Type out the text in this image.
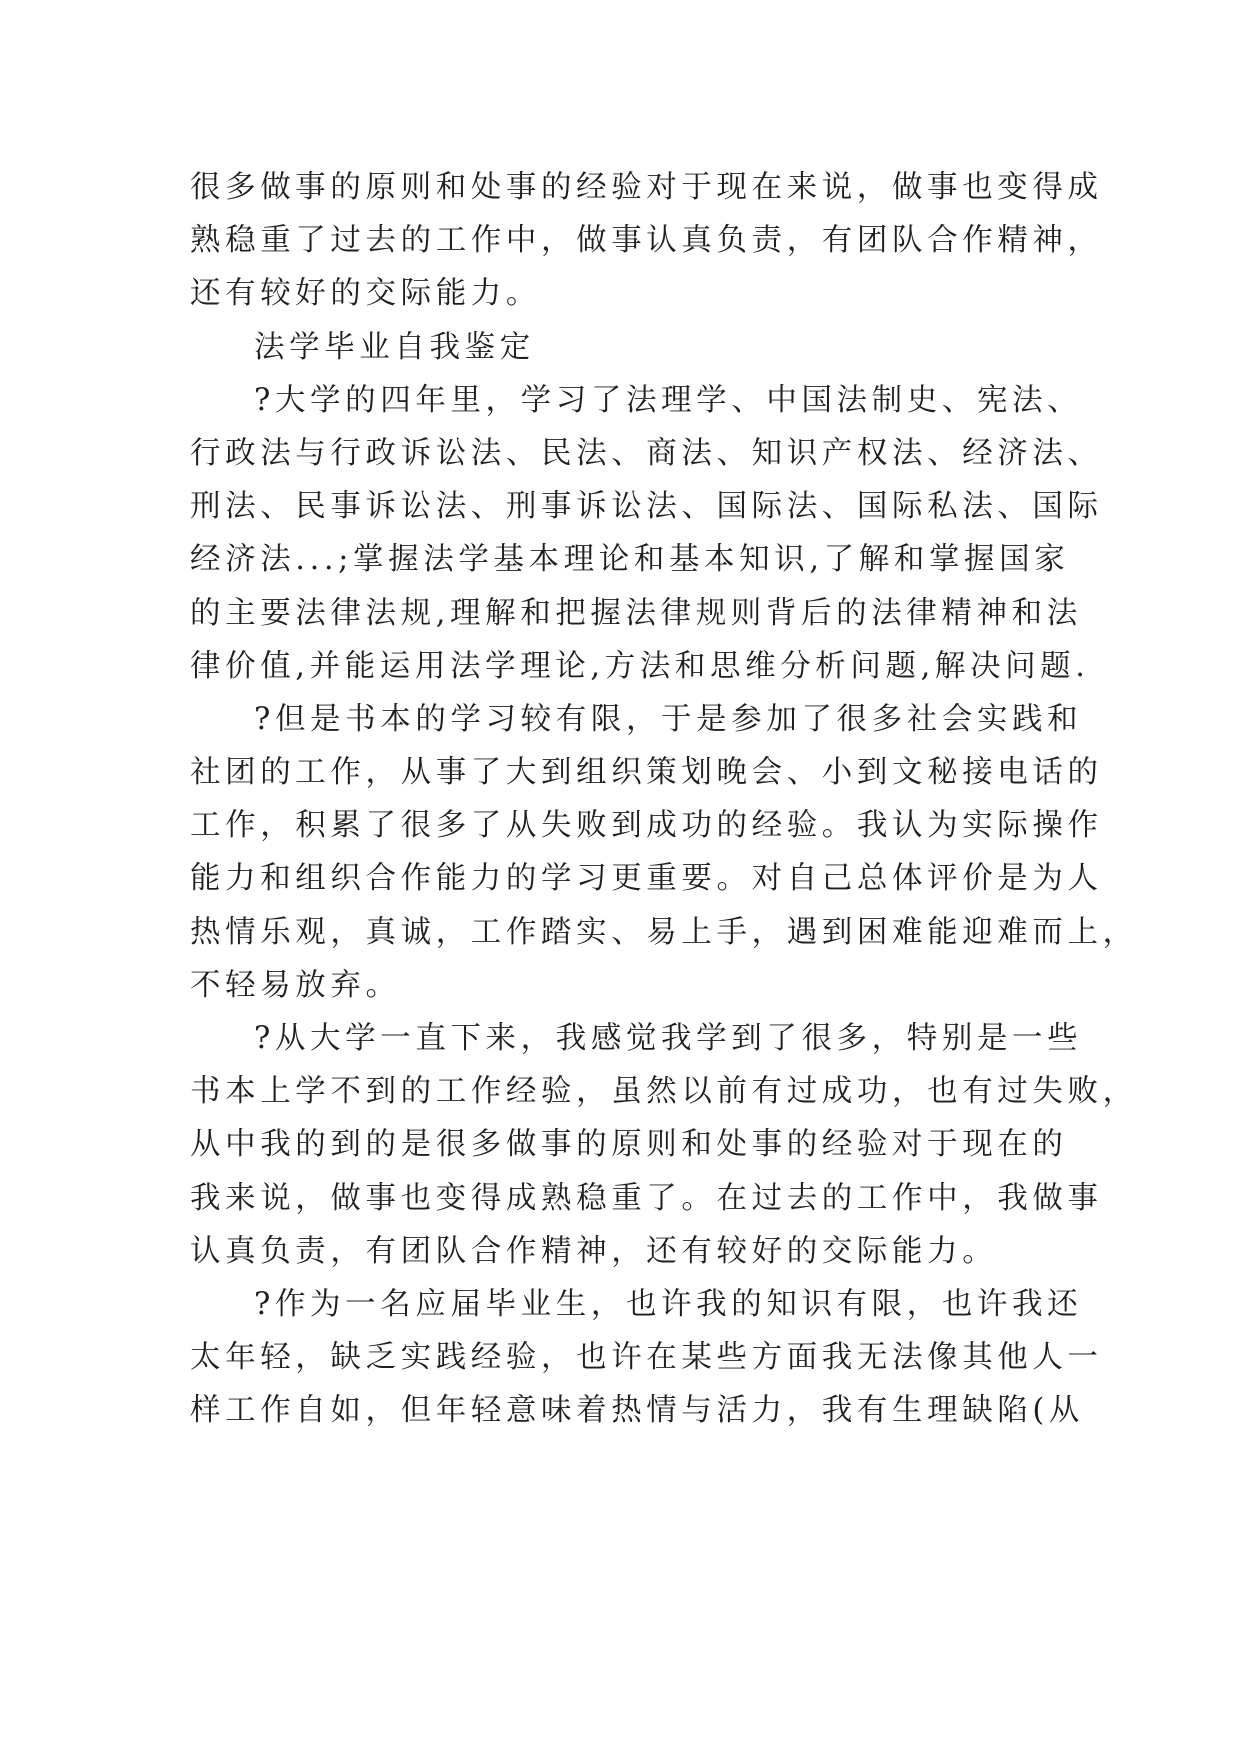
很多做事的原则和处事的经验对于现在来说，做事也变得成
熟稳重了过去的工作中，做事认真负责，有团队合作精神，
还有较好的交际能力。
法学毕业自我鉴定
?大学的四年里，学习了法理学、中国法制史、宪法、
行政法与行政诉讼法、民法、商法、知识产权法、经济法、
刑法、民事诉讼法、刑事诉讼法、国际法、国际私法、国际
经济法...;掌握法学基本理论和基本知识,了解和掌握国家
的主要法律法规,理解和把握法律规则背后的法律精神和法
律价值,并能运用法学理论,方法和思维分析问题,解决问题.
?但是书本的学习较有限，于是参加了很多社会实践和
社团的工作，从事了大到组织策划晚会、小到文秘接电话的
工作，积累了很多了从失败到成功的经验。我认为实际操作
能力和组织合作能力的学习更重要。对自己总体评价是为人
热情乐观，真诚，工作踏实、易上手，遇到困难能迎难而上，
不轻易放弃。
?从大学一直下来，我感觉我学到了很多，特别是一些
书本上学不到的工作经验，虽然以前有过成功，也有过失败，
从中我的到的是很多做事的原则和处事的经验对于现在的
我来说，做事也变得成熟稳重了。在过去的工作中，我做事
认真负责，有团队合作精神，还有较好的交际能力。
?作为一名应届毕业生，也许我的知识有限，也许我还
太年轻，缺乏实践经验，也许在某些方面我无法像其他人一
样工作自如，但年轻意味着热情与活力，我有生理缺陷(从
